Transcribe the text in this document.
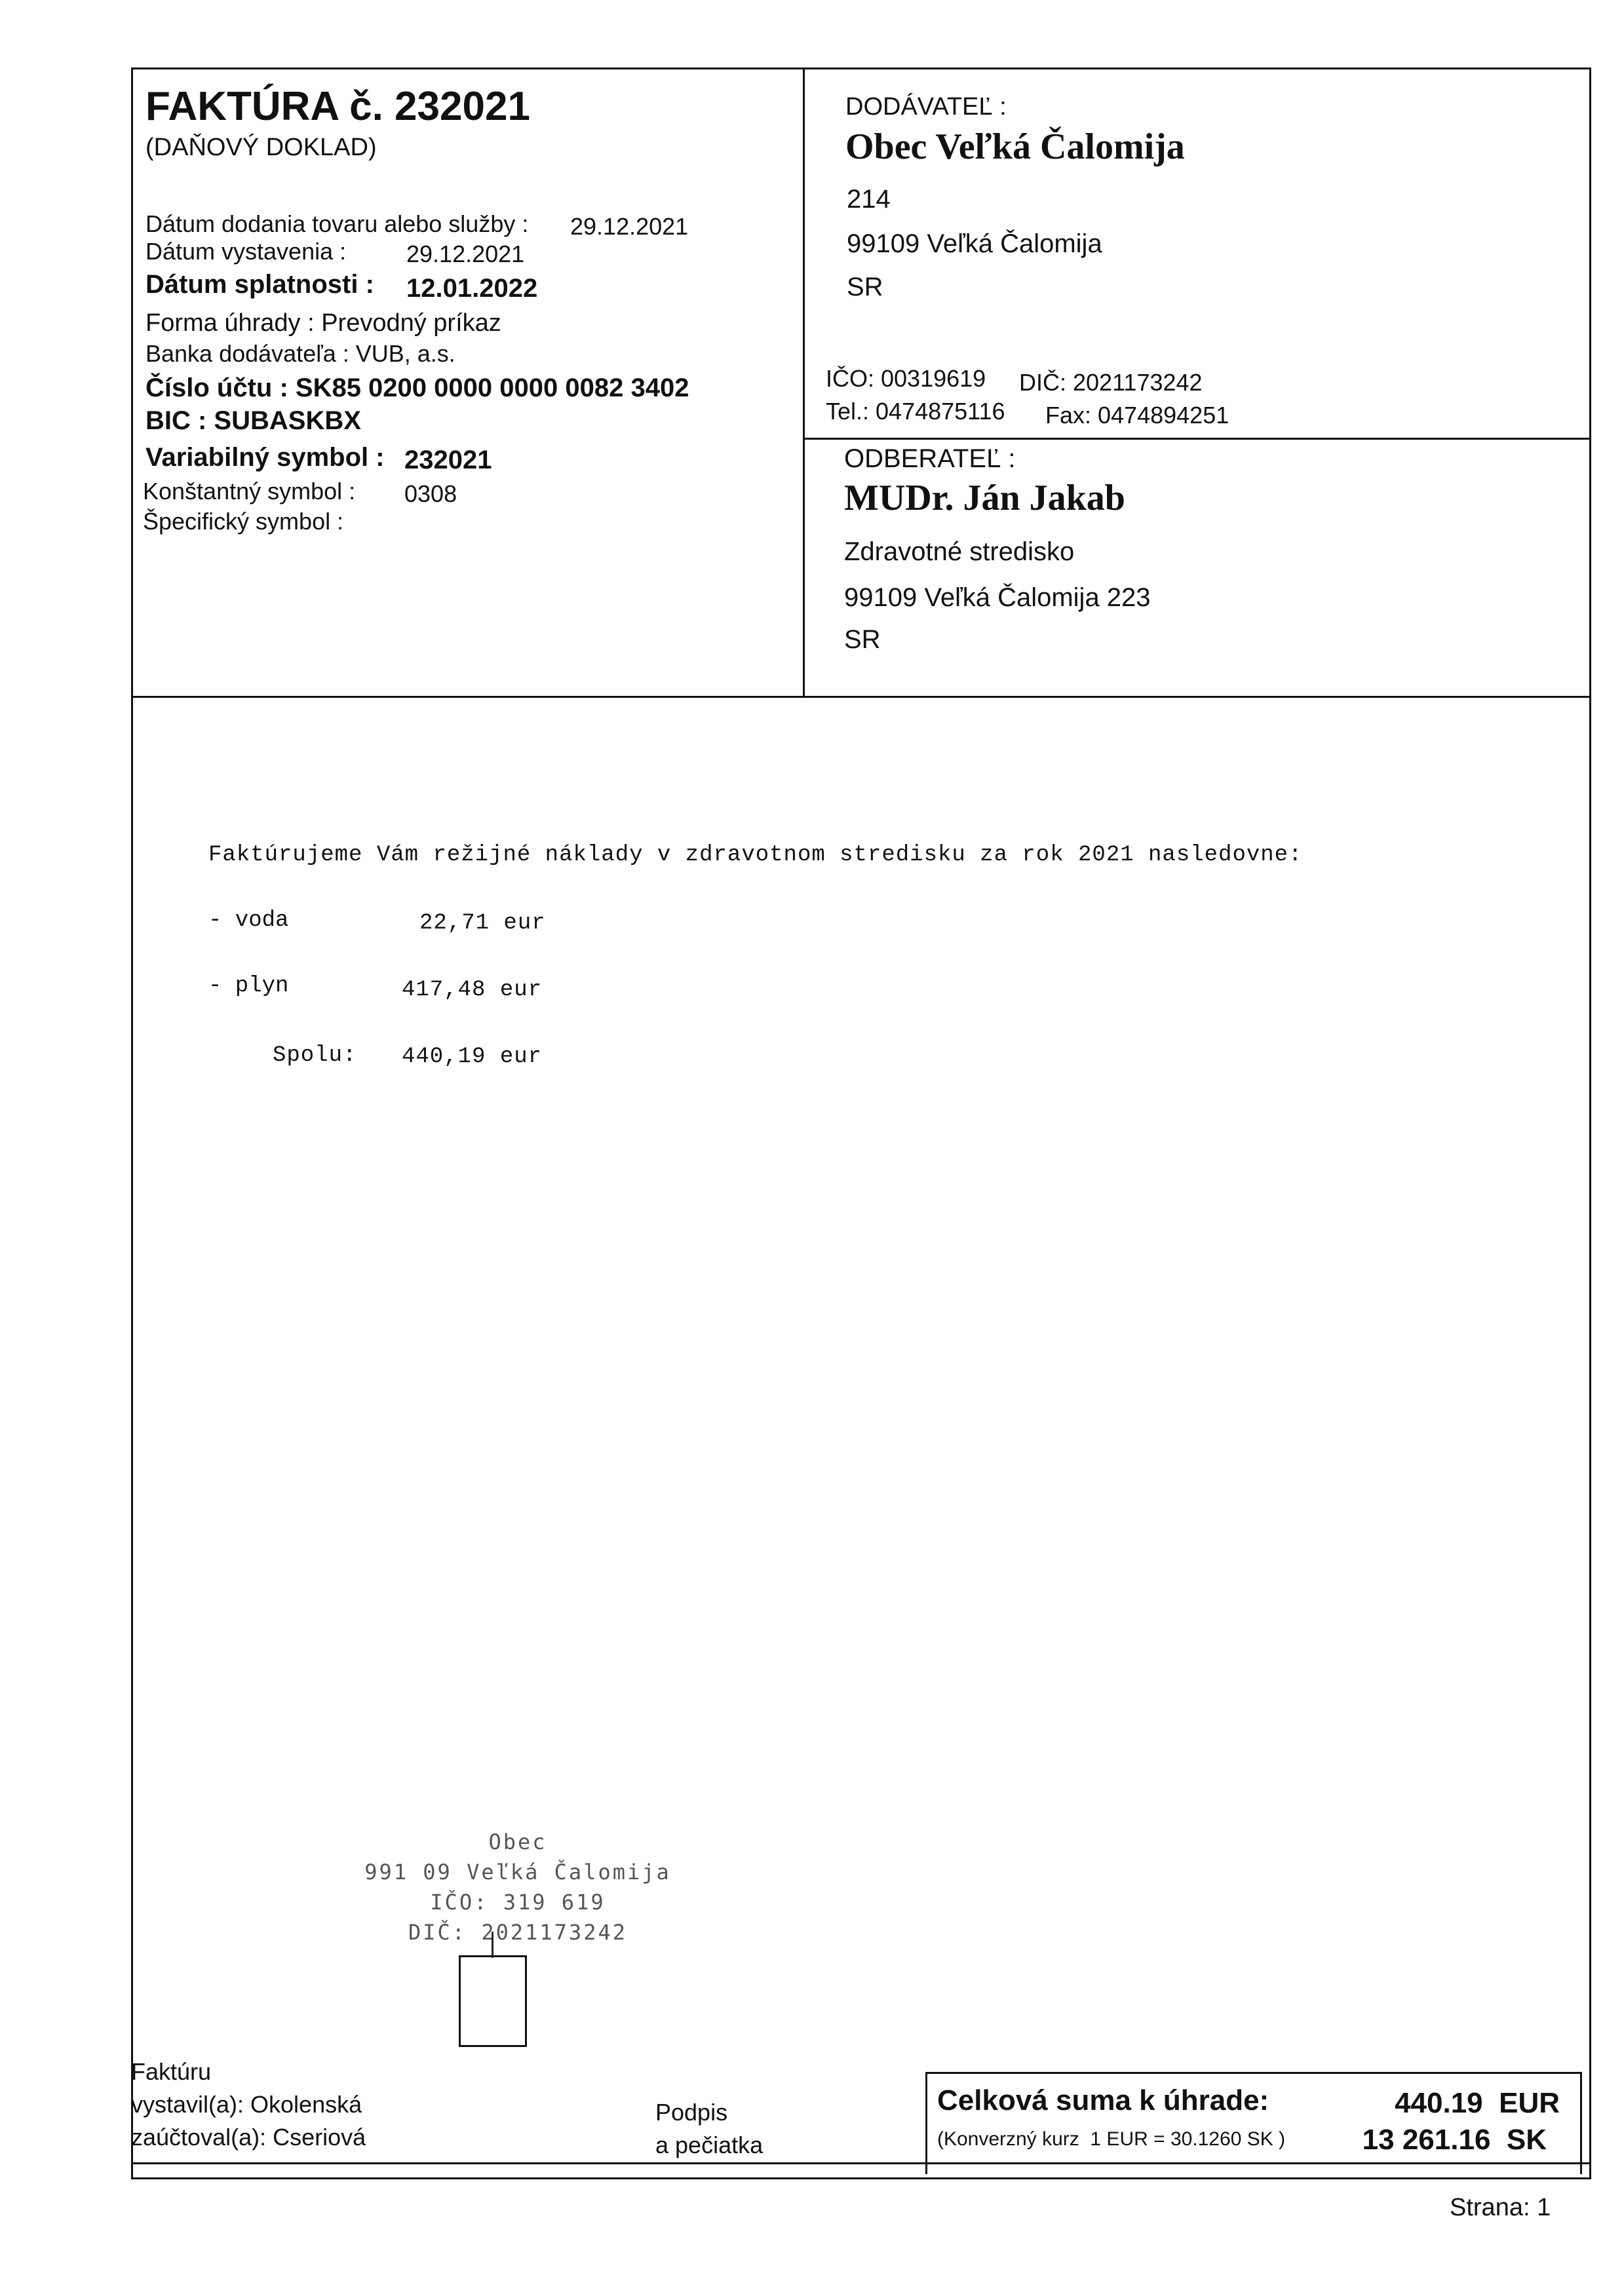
FAKTÚRA č. 232021
(DAŇOVÝ DOKLAD)
Dátum dodania tovaru alebo služby : 29.12.2021
Dátum vystavenia :	29.12.2021
Dátum splatnosti : 12.01.2022
Forma úhrady : Prevodný príkaz
Banka dodávateľa : VUB, a.s.
Číslo účtu : SK85 0200 0000 0000 0082 3402
BIC : SUBASKBX
Variabilný symbol : 232021
Konštantný symbol : 0308
Špecifický symbol :
DODÁVATEĽ :
Obec Veľká Čalomija
214
99109 Veľká Čalomija
SR
IČO: 00319619 DIČ: 2021173242
Tel.: 0474875116 Fax: 0474894251
ODBERATEĽ :
MUDr. Ján Jakab
Zdravotné stredisko
99109 Veľká Čalomija 223
SR
Faktúrujeme Vám režijné náklady v zdravotnom stredisku za rok 2021 nasledovne:
- voda	22,71 eur
- plyn	417,48 eur
Spolu: 440,19 eur
Obec
991 09 Veľká Čalomija
IČO: 319 619
DIČ: 2021173242
Faktúru
vystavil(a): Okolenská
zaúčtoval(a): Cseriová
Podpis
a pečiatka
Celková suma k úhrade:	440.19  EUR
(Konverzný kurz  1 EUR = 30.1260 SK )	13 261.16  SK
Strana: 1
